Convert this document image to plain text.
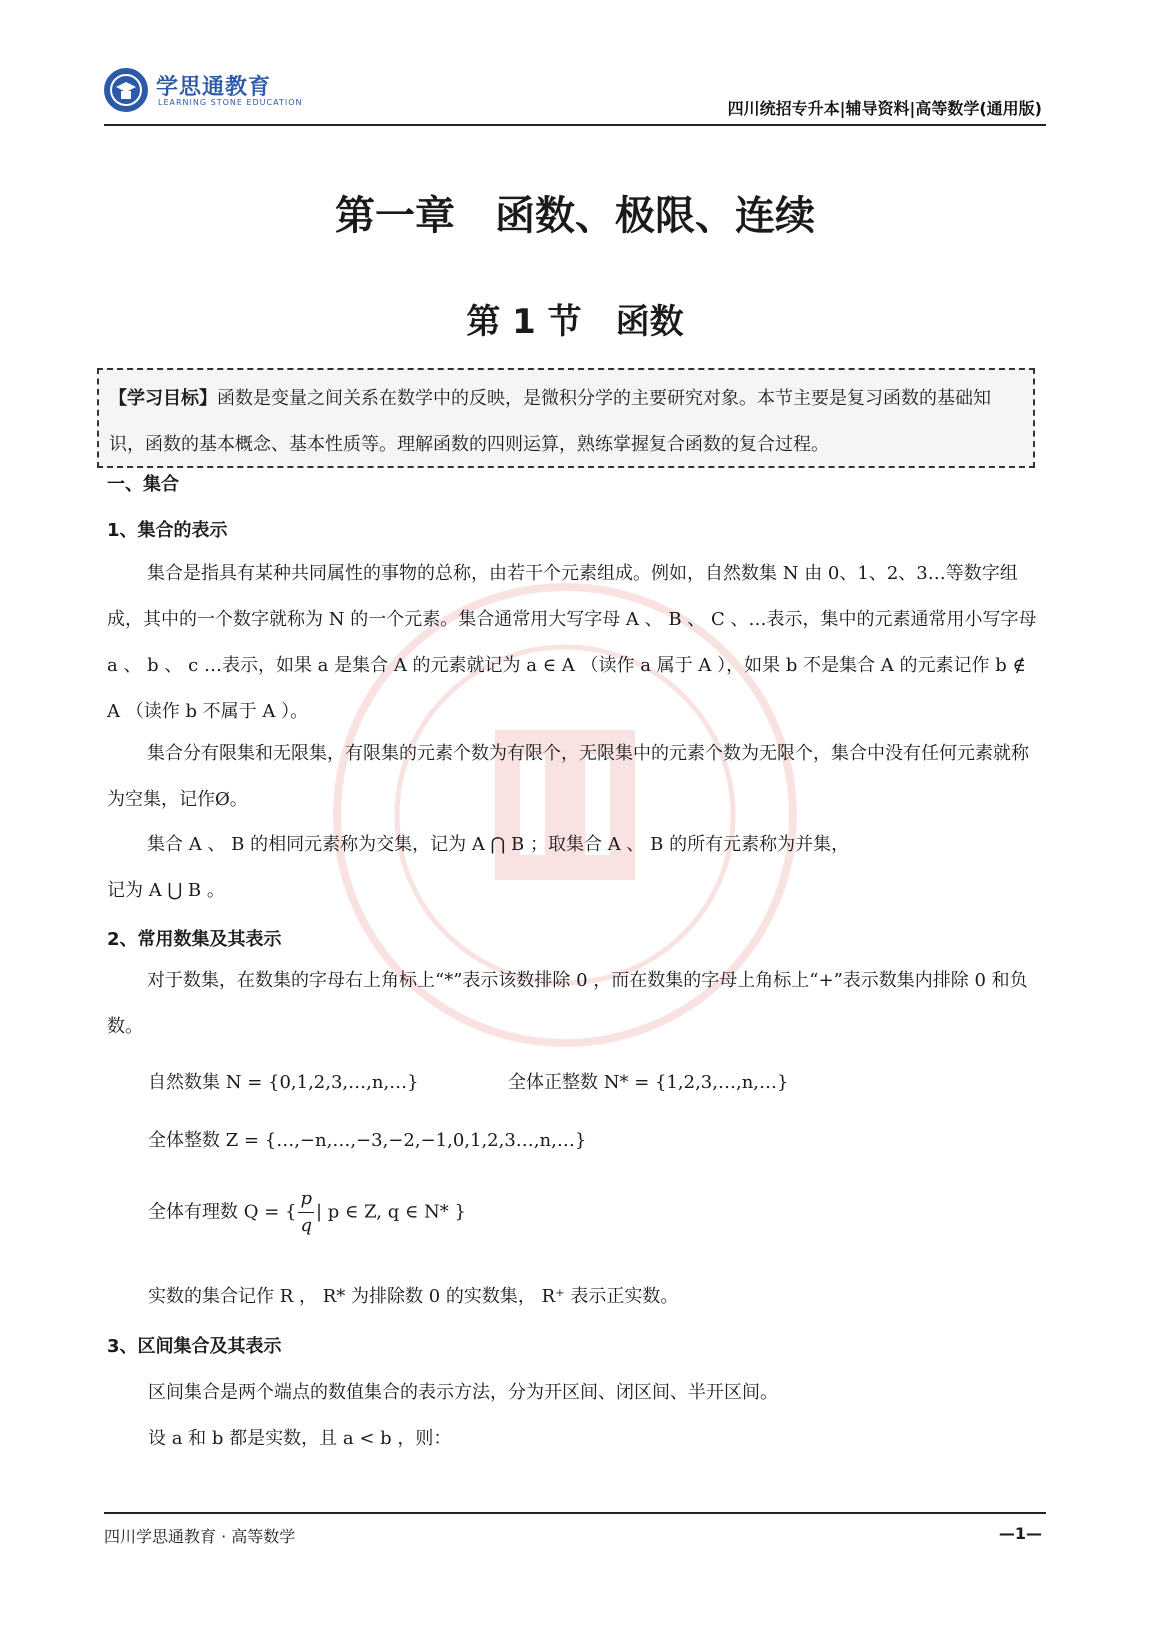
学思通教育
LEARNING STONE EDUCATION	四川统招专升本|辅导资料|高等数学(通用版)
第一章　函数、极限、连续
第 1 节　函数
【学习目标】函数是变量之间关系在数学中的反映，是微积分学的主要研究对象。本节主要是复习函数的基础知识，函数的基本概念、基本性质等。理解函数的四则运算，熟练掌握复合函数的复合过程。
一、集合
1、集合的表示
集合是指具有某种共同属性的事物的总称，由若干个元素组成。例如，自然数集 N 由 0、1、2、3…等数字组成，其中的一个数字就称为 N 的一个元素。集合通常用大写字母 A 、 B 、 C 、…表示，集中的元素通常用小写字母 a 、 b 、 c …表示，如果 a 是集合 A 的元素就记为 a ∈ A （读作 a 属于 A ），如果 b 不是集合 A 的元素记作 b ∉ A （读作 b 不属于 A ）。
集合分有限集和无限集，有限集的元素个数为有限个，无限集中的元素个数为无限个，集合中没有任何元素就称为空集，记作Ø。
集合 A 、 B 的相同元素称为交集，记为 A ⋂ B ；取集合 A 、 B 的所有元素称为并集，
记为 A ⋃ B 。
2、常用数集及其表示
对于数集，在数集的字母右上角标上“*”表示该数排除 0 ，而在数集的字母上角标上“+”表示数集内排除 0 和负数。
自然数集 N = {0,1,2,3,…,n,…}	全体正整数 N* = {1,2,3,…,n,…}
全体整数 Z = {…,−n,…,−3,−2,−1,0,1,2,3…,n,…}
全体有理数 Q = { $\frac{p}{q}$ | p ∈ Z, q ∈ N* }
实数的集合记作 R ， R* 为排除数 0 的实数集， R⁺ 表示正实数。
3、区间集合及其表示
区间集合是两个端点的数值集合的表示方法，分为开区间、闭区间、半开区间。
设 a 和 b 都是实数，且 a < b ，则：
四川学思通教育 · 高等数学	—1—
